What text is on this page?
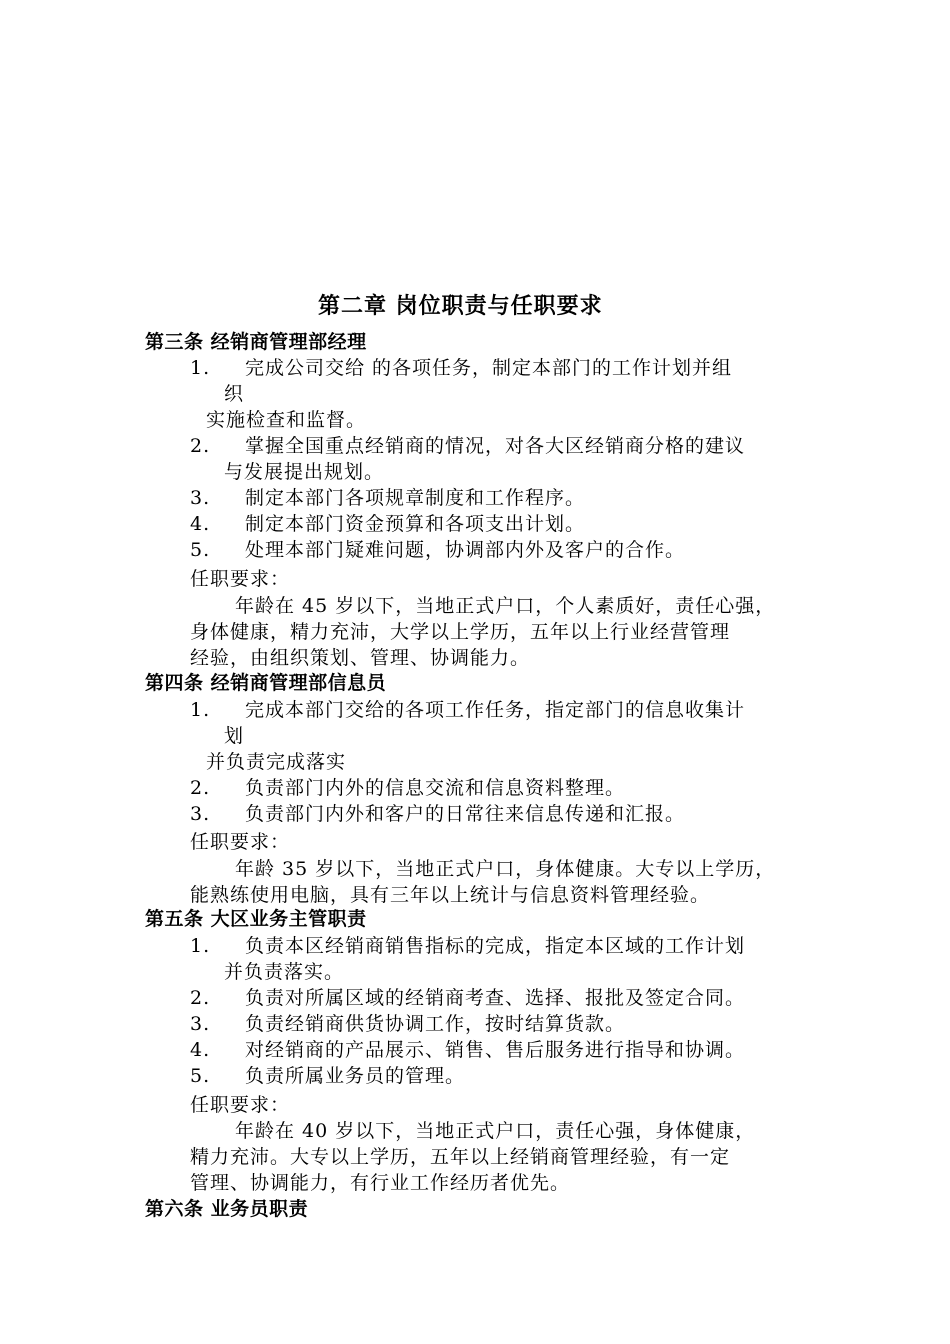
第二章 岗位职责与任职要求
第三条 经销商管理部经理
1. 完成公司交给 的各项任务，制定本部门的工作计划并组
织
实施检查和监督。
2. 掌握全国重点经销商的情况，对各大区经销商分格的建议
与发展提出规划。
3. 制定本部门各项规章制度和工作程序。
4. 制定本部门资金预算和各项支出计划。
5. 处理本部门疑难问题，协调部内外及客户的合作。
任职要求：
年龄在 45 岁以下，当地正式户口，个人素质好，责任心强，
身体健康，精力充沛，大学以上学历，五年以上行业经营管理
经验，由组织策划、管理、协调能力。
第四条 经销商管理部信息员
1. 完成本部门交给的各项工作任务，指定部门的信息收集计
划
并负责完成落实
2. 负责部门内外的信息交流和信息资料整理。
3. 负责部门内外和客户的日常往来信息传递和汇报。
任职要求：
年龄 35 岁以下，当地正式户口，身体健康。大专以上学历，
能熟练使用电脑，具有三年以上统计与信息资料管理经验。
第五条 大区业务主管职责
1. 负责本区经销商销售指标的完成，指定本区域的工作计划
并负责落实。
2. 负责对所属区域的经销商考查、选择、报批及签定合同。
3. 负责经销商供货协调工作，按时结算货款。
4. 对经销商的产品展示、销售、售后服务进行指导和协调。
5. 负责所属业务员的管理。
任职要求：
年龄在 40 岁以下，当地正式户口，责任心强，身体健康，
精力充沛。大专以上学历，五年以上经销商管理经验，有一定
管理、协调能力，有行业工作经历者优先。
第六条 业务员职责
